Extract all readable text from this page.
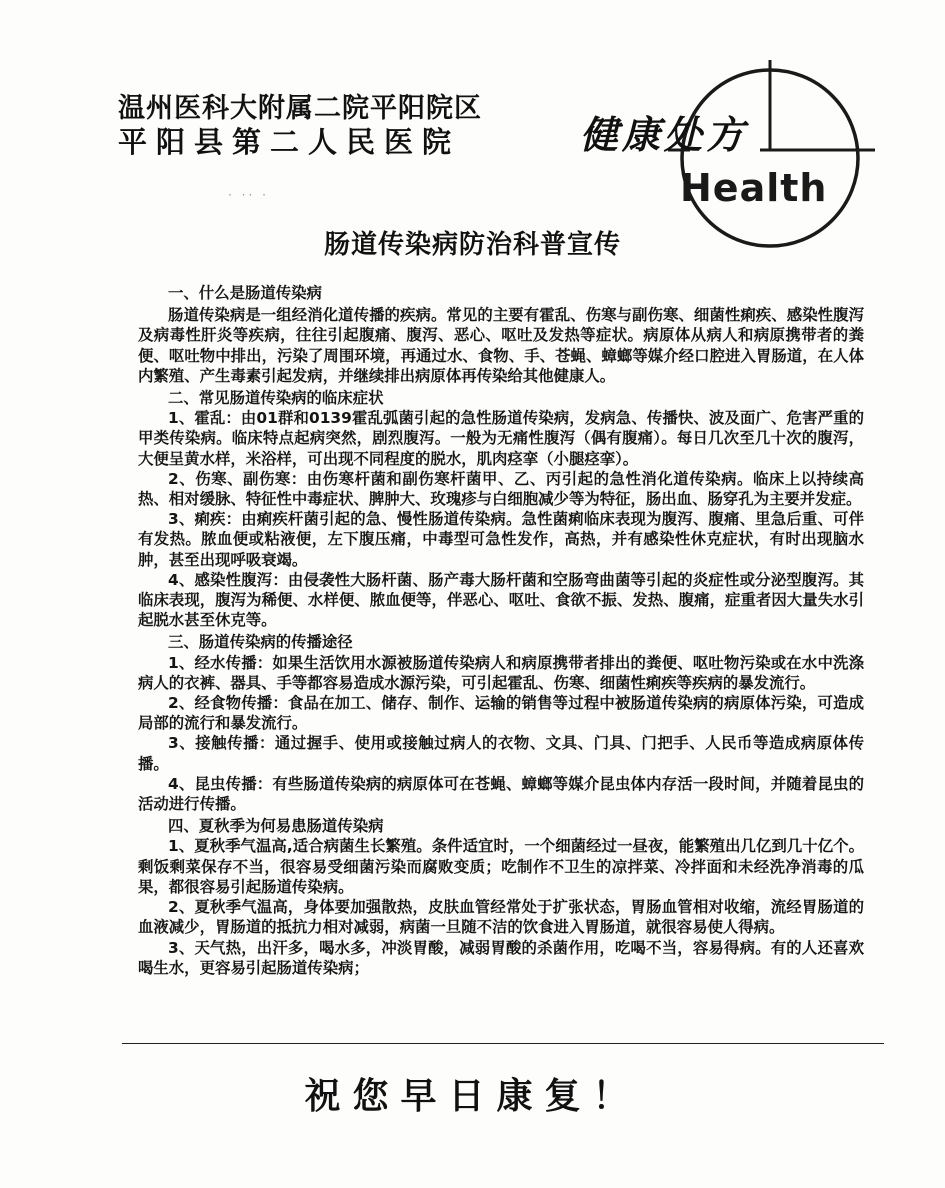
温州医科大附属二院平阳院区
平阳县第二人民医院	健康处方
Health
· ·· ·
肠道传染病防治科普宣传
一、什么是肠道传染病

肠道传染病是一组经消化道传播的疾病。常见的主要有霍乱、伤寒与副伤寒、细菌性痢疾、感染性腹泻及病毒性肝炎等疾病，往往引起腹痛、腹泻、恶心、呕吐及发热等症状。病原体从病人和病原携带者的粪便、呕吐物中排出，污染了周围环境，再通过水、食物、手、苍蝇、蟑螂等媒介经口腔进入胃肠道，在人体内繁殖、产生毒素引起发病，并继续排出病原体再传染给其他健康人。

二、常见肠道传染病的临床症状

1、霍乱：由01群和0139霍乱弧菌引起的急性肠道传染病，发病急、传播快、波及面广、危害严重的甲类传染病。临床特点起病突然，剧烈腹泻。一般为无痛性腹泻（偶有腹痛）。每日几次至几十次的腹泻，大便呈黄水样，米浴样，可出现不同程度的脱水，肌肉痉挛（小腿痉挛）。

2、伤寒、副伤寒：由伤寒杆菌和副伤寒杆菌甲、乙、丙引起的急性消化道传染病。临床上以持续高热、相对缓脉、特征性中毒症状、脾肿大、玫瑰疹与白细胞减少等为特征，肠出血、肠穿孔为主要并发症。

3、痢疾：由痢疾杆菌引起的急、慢性肠道传染病。急性菌痢临床表现为腹泻、腹痛、里急后重、可伴有发热。脓血便或粘液便，左下腹压痛，中毒型可急性发作，高热，并有感染性休克症状，有时出现脑水肿，甚至出现呼吸衰竭。

4、感染性腹泻：由侵袭性大肠杆菌、肠产毒大肠杆菌和空肠弯曲菌等引起的炎症性或分泌型腹泻。其临床表现，腹泻为稀便、水样便、脓血便等，伴恶心、呕吐、食欲不振、发热、腹痛，症重者因大量失水引起脱水甚至休克等。

三、肠道传染病的传播途径

1、经水传播：如果生活饮用水源被肠道传染病人和病原携带者排出的粪便、呕吐物污染或在水中洗涤病人的衣裤、器具、手等都容易造成水源污染，可引起霍乱、伤寒、细菌性痢疾等疾病的暴发流行。

2、经食物传播：食品在加工、储存、制作、运输的销售等过程中被肠道传染病的病原体污染，可造成局部的流行和暴发流行。

3、接触传播：通过握手、使用或接触过病人的衣物、文具、门具、门把手、人民币等造成病原体传播。

4、昆虫传播：有些肠道传染病的病原体可在苍蝇、蟑螂等媒介昆虫体内存活一段时间，并随着昆虫的活动进行传播。

四、夏秋季为何易患肠道传染病

1、夏秋季气温高,适合病菌生长繁殖。条件适宜时，一个细菌经过一昼夜，能繁殖出几亿到几十亿个。剩饭剩菜保存不当，很容易受细菌污染而腐败变质；吃制作不卫生的凉拌菜、冷拌面和未经洗净消毒的瓜果，都很容易引起肠道传染病。

2、夏秋季气温高，身体要加强散热，皮肤血管经常处于扩张状态，胃肠血管相对收缩，流经胃肠道的血液减少，胃肠道的抵抗力相对减弱，病菌一旦随不洁的饮食进入胃肠道，就很容易使人得病。

3、天气热，出汗多，喝水多，冲淡胃酸，减弱胃酸的杀菌作用，吃喝不当，容易得病。有的人还喜欢喝生水，更容易引起肠道传染病；

祝您早日康复！
